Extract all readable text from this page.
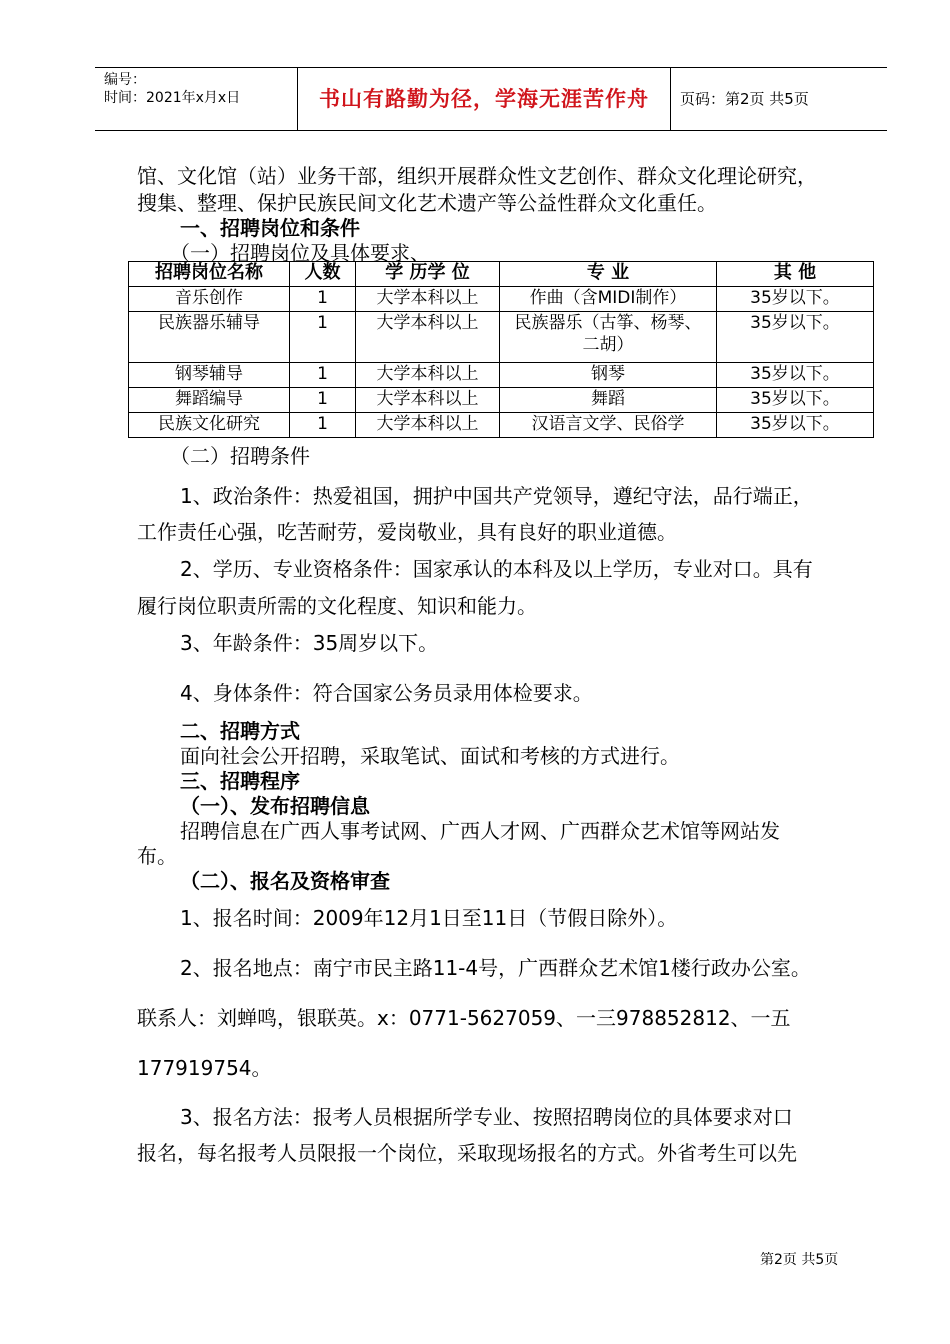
编号：
时间：2021年x月x日	书山有路勤为径，学海无涯苦作舟	页码：第2页 共5页
馆、文化馆（站）业务干部，组织开展群众性文艺创作、群众文化理论研究，
搜集、整理、保护民族民间文化艺术遗产等公益性群众文化重任。
一、招聘岗位和条件
（一）招聘岗位及具体要求、
招聘岗位名称	人数	学 历学 位	专 业	其 他
音乐创作	1	大学本科以上	作曲（含MIDI制作）	35岁以下。
民族器乐辅导	1	大学本科以上	民族器乐（古筝、杨琴、二胡）	35岁以下。
钢琴辅导	1	大学本科以上	钢琴	35岁以下。
舞蹈编导	1	大学本科以上	舞蹈	35岁以下。
民族文化研究	1	大学本科以上	汉语言文学、民俗学	35岁以下。
（二）招聘条件
1、政治条件：热爱祖国，拥护中国共产党领导，遵纪守法，品行端正，
工作责任心强，吃苦耐劳，爱岗敬业，具有良好的职业道德。
2、学历、专业资格条件：国家承认的本科及以上学历，专业对口。具有
履行岗位职责所需的文化程度、知识和能力。
3、年龄条件：35周岁以下。
4、身体条件：符合国家公务员录用体检要求。
二、招聘方式
面向社会公开招聘，采取笔试、面试和考核的方式进行。
三、招聘程序
（一）、发布招聘信息
招聘信息在广西人事考试网、广西人才网、广西群众艺术馆等网站发
布。
（二）、报名及资格审查
1、报名时间：2009年12月1日至11日（节假日除外）。
2、报名地点：南宁市民主路11-4号，广西群众艺术馆1楼行政办公室。
联系人：刘蝉鸣，银联英。x：0771-5627059、一三978852812、一五
177919754。
3、报名方法：报考人员根据所学专业、按照招聘岗位的具体要求对口
报名，每名报考人员限报一个岗位，采取现场报名的方式。外省考生可以先
第2页 共5页
